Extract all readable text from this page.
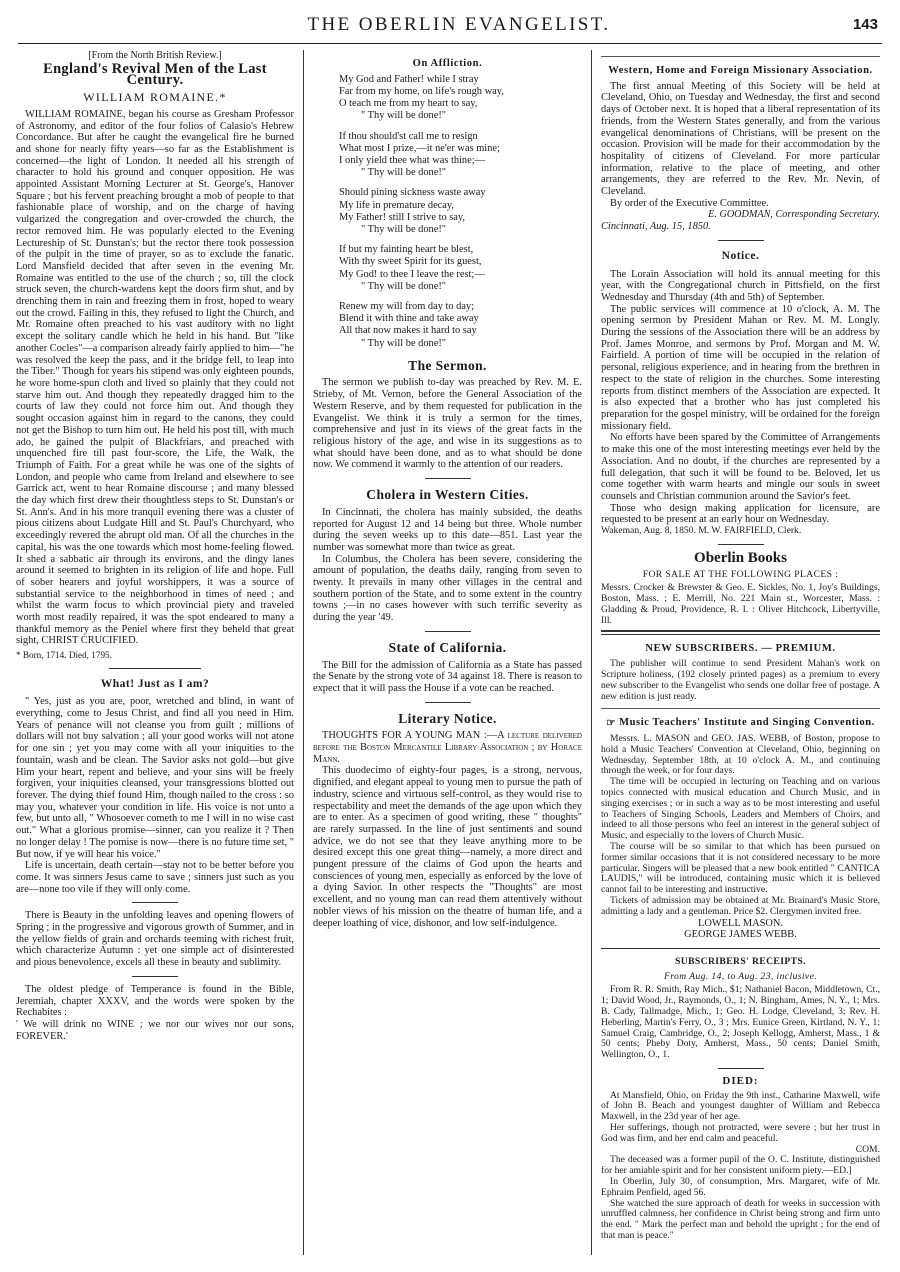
THE OBERLIN EVANGELIST.	143
[From the North British Review.]
England's Revival Men of the Last Century.
WILLIAM ROMAINE.*

WILLIAM ROMAINE, began his course as Gresham Professor of Astronomy, and editor of the four folios of Calasio's Hebrew Concordance. But after he caught the evangelical fire he burned and shone for nearly fifty years—so far as the Establishment is concerned—the light of London. It needed all his strength of character to hold his ground and conquer opposition. He was appointed Assistant Morning Lecturer at St. George's, Hanover Square ; but his fervent preaching brought a mob of people to that fashionable place of worship, and on the charge of having vulgarized the congregation and over-crowded the church, the rector removed him. He was popularly elected to the Evening Lectureship of St. Dunstan's; but the rector there took possession of the pulpit in the time of prayer, so as to exclude the fanatic. Lord Mansfield decided that after seven in the evening Mr. Romaine was entitled to the use of the church ; so, till the clock struck seven, the church-wardens kept the doors firm shut, and by drenching them in rain and freezing them in frost, hoped to weary out the crowd. Failing in this, they refused to light the Church, and Mr. Romaine often preached to his vast auditory with no light except the solitary candle which he held in his hand. But "like another Cocles"—a comparison already fairly applied to him—"he was resolved the keep the pass, and it the bridge fell, to leap into the Tiber." Though for years his stipend was only eighteen pounds, he wore home-spun cloth and lived so plainly that they could not starve him out. And though they repeatedly dragged him to the courts of law they could not force him out. And though they sought occasion against him in regard to the canons, they could not get the Bishop to turn him out. He held his post till, with much ado, he gained the pulpit of Blackfriars, and preached with unquenched fire till past four-score, the Life, the Walk, the Triumph of Faith. For a great while he was one of the sights of London, and people who came from Ireland and elsewhere to see Garrick act, went to hear Romaine discourse ; and many blessed the day which first drew their thoughtless steps to St. Dunstan's or St. Ann's. And in his more tranquil evening there was a cluster of pious citizens about Ludgate Hill and St. Paul's Churchyard, who exceedingly revered the abrupt old man. Of all the churches in the capital, his was the one towards which most home-feeling flowed. It shed a sabbatic air through its environs, and the dingy lanes around it seemed to brighten in its religion of life and hope. Full of sober hearers and joyful worshippers, it was a source of substantial service to the neighborhood in times of need ; and whilst the warm focus to which provincial piety and traveled worth most readily repaired, it was the spot endeared to many a thankful memory as the Peniel where first they beheld that great sight, CHRIST CRUCIFIED.

* Born, 1714. Died, 1795.

What! Just as I am?

" Yes, just as you are, poor, wretched and blind, in want of everything, come to Jesus Christ, and find all you need in Him. Years of penance will not cleanse you from guilt ; millions of dollars will not buy salvation ; all your good works will not atone for one sin ; yet you may come with all your iniquities to the fountain, wash and be clean. The Savior asks not gold—but give Him your heart, repent and believe, and your sins will be freely forgiven, your iniquities cleansed, your transgressions blotted out forever. The dying thief found Him, though nailed to the cross : so may you, whatever your condition in life. His voice is not unto a few, but unto all, " Whosoever cometh to me I will in no wise cast out." What a glorious promise—sinner, can you realize it ? Then no longer delay ! The pomise is now—there is no future time set, " But now, if ye will hear his voice."

Life is uncertain, death certain—stay not to be better before you come. It was sinners Jesus came to save ; sinners just such as you are—none too vile if they will only come.

There is Beauty in the unfolding leaves and opening flowers of Spring ; in the progressive and vigorous growth of Summer, and in the yellow fields of grain and orchards teeming with richest fruit, which characterize Autumn : yet one simple act of disinterested and pious benevolence, excels all these in beauty and sublimity.

The oldest pledge of Temperance is found in the Bible, Jeremiah, chapter XXXV, and the words were spoken by the Rechabites :

' We will drink no WINE ; we nor our wives nor our sons, FOREVER.'

On Affliction.
My God and Father! while I stray
Far from my home, on life's rough way,
O teach me from my heart to say,
" Thy will be done!"
If thou should'st call me to resign
What most I prize,—it ne'er was mine;
I only yield thee what was thine;—
" Thy will be done!"
Should pining sickness waste away
My life in premature decay,
My Father! still I strive to say,
" Thy will be done!"
If but my fainting heart be blest,
With thy sweet Spirit for its guest,
My God! to thee I leave the rest;—
" Thy will be done!"
Renew my will from day to day;
Blend it with thine and take away
All that now makes it hard to say
" Thy will be done!"
The Sermon.

The sermon we publish to-day was preached by Rev. M. E. Strieby, of Mt. Vernon, before the General Association of the Western Reserve, and by them requested for publication in the Evangelist. We think it is truly a sermon for the times, comprehensive and just in its views of the great facts in the religious history of the age, and wise in its suggestions as to what should have been done, and as to what should be done now. We commend it warmly to the attention of our readers.

Cholera in Western Cities.

In Cincinnati, the cholera has mainly subsided, the deaths reported for August 12 and 14 being but three. Whole number during the seven weeks up to this date—851. Last year the number was somewhat more than twice as great.

In Columbus, the Cholera has been severe, considering the amount of population, the deaths daily, ranging from seven to twenty. It prevails in many other villages in the central and southern portion of the State, and to some extent in the country towns ;—in no cases however with such terrific severity as during the year '49.

State of California.

The Bill for the admission of California as a State has passed the Senate by the strong vote of 34 against 18. There is reason to expect that it will pass the House if a vote can be reached.

Literary Notice.

THOUGHTS FOR A YOUNG MAN :—A lecture delivered before the Boston Mercantile Library Association ; by Horace Mann.

This duodecimo of eighty-four pages, is a strong, nervous, dignified, and elegant appeal to young men to pursue the path of industry, science and virtuous self-control, as they would rise to respectability and meet the demands of the age upon which they are to enter. As a specimen of good writing, these " thoughts" are rarely surpassed. In the line of just sentiments and sound advice, we do not see that they leave anything more to be desired except this one great thing—namely, a more direct and pungent pressure of the claims of God upon the hearts and consciences of young men, especially as enforced by the love of a dying Savior. In other respects the "Thoughts" are most excellent, and no young man can read them attentively without nobler views of his mission on the theatre of human life, and a deeper loathing of vice, dishonor, and low self-indulgence.

Western, Home and Foreign Missionary Association.

The first annual Meeting of this Society will be held at Cleveland, Ohio, on Tuesday and Wednesday, the first and second days of October next. It is hoped that a liberal representation of its friends, from the Western States generally, and from the various evangelical denominations of Christians, will be present on the occasion. Provision will be made for their accommodation by the hospitality of citizens of Cleveland. For more particular information, relative to the place of meeting, and other arrangements, they are referred to the Rev. Mr. Nevin, of Cleveland.

By order of the Executive Committee.

E. GOODMAN, Corresponding Secretary.
Cincinnati, Aug. 15, 1850.
Notice.

The Lorain Association will hold its annual meeting for this year, with the Congregational church in Pittsfield, on the first Wednesday and Thursday (4th and 5th) of September.

The public services will commence at 10 o'clock, A. M. The opening sermon by President Mahan or Rev. M. M. Longly. During the sessions of the Association there will be an address by Prof. James Monroe, and sermons by Prof. Morgan and M. W. Fairfield. A portion of time will be occupied in the relation of personal, religious experience, and in hearing from the brethren in respect to the state of religion in the churches. Some interesting reports from distinct members of the Association are expected. It is also expected that a brother who has just completed his preparation for the gospel ministry, will be ordained for the foreign missionary field.

No efforts have been spared by the Committee of Arrangements to make this one of the most interesting meetings ever held by the Association. And no doubt, if the churches are represented by a full delegation, that such it will be found to be. Beloved, let us come together with warm hearts and mingle our souls in sweet counsels and Christian communion around the Savior's feet.

Those who design making application for licensure, are requested to be present at an early hour on Wednesday.

Wakeman, Aug. 8, 1850. M. W. FAIRFIELD, Clerk.
Oberlin Books
FOR SALE AT THE FOLLOWING PLACES :

Messrs. Crocker & Brewster & Geo. E. Sickles, No. 1, Joy's Buildings, Boston, Mass. ; E. Merrill, No. 221 Main st., Worcester, Mass. : Gladding & Proud, Providence, R. I. : Oliver Hitchcock, Libertyville, Ill.

NEW SUBSCRIBERS. — PREMIUM.

The publisher will continue to send President Mahan's work on Scripture holiness, (192 closely printed pages) as a premium to every new subscriber to the Evangelist who sends one dollar free of postage. A new edition is just ready.

☞ Music Teachers' Institute and Singing Convention.

Messrs. L. MASON and GEO. JAS. WEBB, of Boston, propose to hold a Music Teachers' Convention at Cleveland, Ohio, beginning on Wednesday, September 18th, at 10 o'clock A. M., and continuing through the week, or for four days.

The time will be occupied in lecturing on Teaching and on various topics connected with musical education and Church Music, and in singing exercises ; or in such a way as to be most interesting and useful to Teachers of Singing Schools, Leaders and Members of Choirs, and indeed to all those persons who feel an interest in the general subject of Music, and especially to the lovers of Church Music.

The course will be so similar to that which has been pursued on former similar occasions that it is not considered necessary to be more particular. Singers will be pleased that a new book entitled " CANTICA LAUDIS," will be introduced, containing music which it is believed cannot fail to be interesting and instructive.

Tickets of admission may be obtained at Mr. Brainard's Music Store, admitting a lady and a gentleman. Price $2. Clergymen invited free.

LOWELL MASON.
GEORGE JAMES WEBB.
SUBSCRIBERS' RECEIPTS.
From Aug. 14, to Aug. 23, inclusive.

From R. R. Smith, Ray Mich., $1; Nathaniel Bacon, Middletown, Ct., 1; David Wood, Jr., Raymonds, O., 1; N. Bingham, Ames, N. Y., 1; Mrs. B. Cady, Tallmadge, Mich., 1; Geo. H. Lodge, Cleveland, 3; Rev. H. Heberling, Martin's Ferry, O., 3 ; Mrs. Eunice Green, Kirtland, N. Y., 1; Samuel Craig, Cambridge, O., 2; Joseph Kellogg, Amherst, Mass., 1 & 50 cents; Pheby Doty, Amherst, Mass., 50 cents; Daniel Smith, Wellington, O., 1.

DIED:

At Mansfield, Ohio, on Friday the 9th inst., Catharine Maxwell, wife of John B. Beach and youngest daughter of William and Rebecca Maxwell, in the 23d year of her age.

Her sufferings, though not protracted, were severe ; but her trust in God was firm, and her end calm and peaceful.

COM.

The deceased was a former pupil of the O. C. Institute, distinguished for her amiable spirit and for her consistent uniform piety.—ED.]

In Oberlin, July 30, of consumption, Mrs. Margaret, wife of Mr. Ephraim Penfield, aged 56.

She watched the sure approach of death for weeks in succession with unruffled calmness, her confidence in Christ being strong and firm unto the end. " Mark the perfect man and behold the upright ; for the end of that man is peace."
